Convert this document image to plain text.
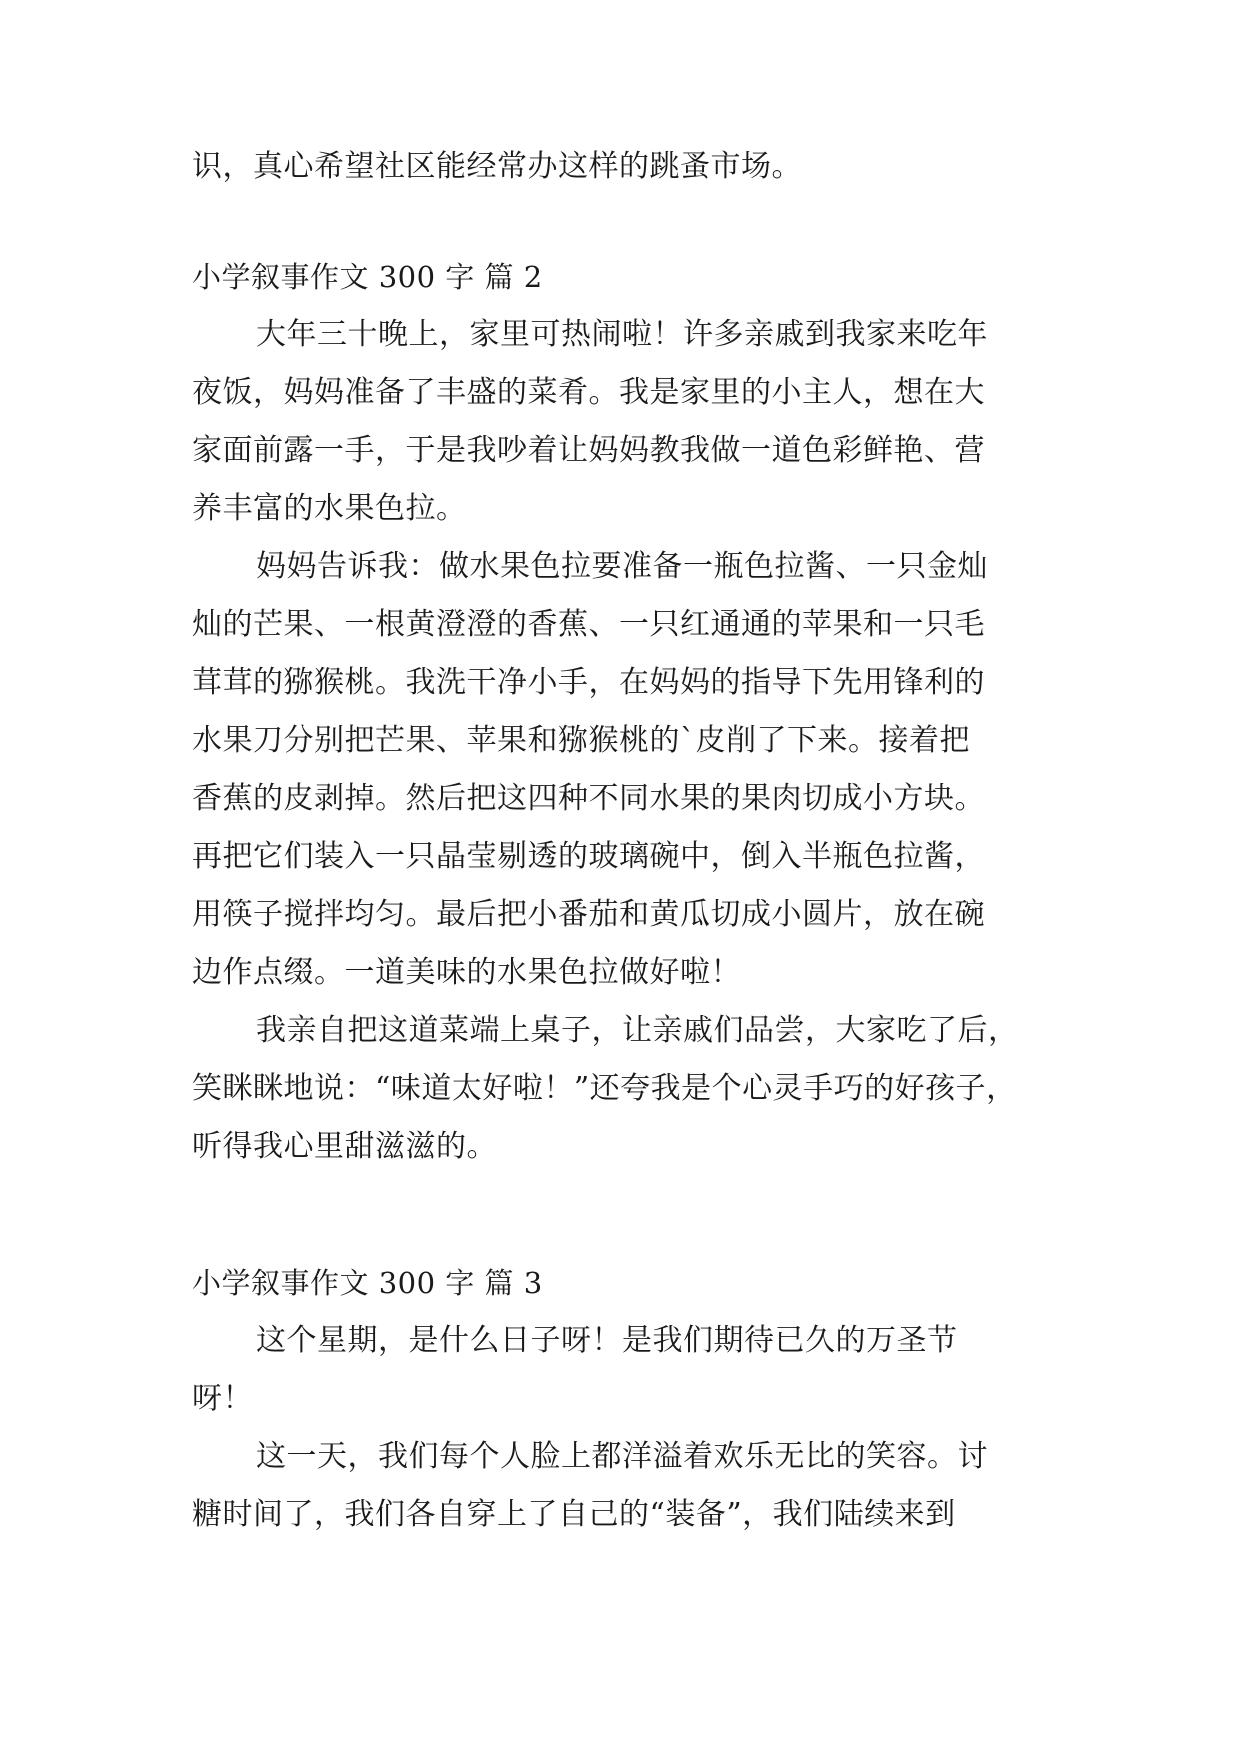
识，真心希望社区能经常办这样的跳蚤市场。
小学叙事作文 300 字 篇 2
大年三十晚上，家里可热闹啦！许多亲戚到我家来吃年
夜饭，妈妈准备了丰盛的菜肴。我是家里的小主人，想在大
家面前露一手，于是我吵着让妈妈教我做一道色彩鲜艳、营
养丰富的水果色拉。
妈妈告诉我：做水果色拉要准备一瓶色拉酱、一只金灿
灿的芒果、一根黄澄澄的香蕉、一只红通通的苹果和一只毛
茸茸的猕猴桃。我洗干净小手，在妈妈的指导下先用锋利的
水果刀分别把芒果、苹果和猕猴桃的`皮削了下来。接着把
香蕉的皮剥掉。然后把这四种不同水果的果肉切成小方块。
再把它们装入一只晶莹剔透的玻璃碗中，倒入半瓶色拉酱，
用筷子搅拌均匀。最后把小番茄和黄瓜切成小圆片，放在碗
边作点缀。一道美味的水果色拉做好啦！
我亲自把这道菜端上桌子，让亲戚们品尝，大家吃了后，
笑眯眯地说：“味道太好啦！”还夸我是个心灵手巧的好孩子，
听得我心里甜滋滋的。
小学叙事作文 300 字 篇 3
这个星期，是什么日子呀！是我们期待已久的万圣节
呀！
这一天，我们每个人脸上都洋溢着欢乐无比的笑容。讨
糖时间了，我们各自穿上了自己的“装备”，我们陆续来到
